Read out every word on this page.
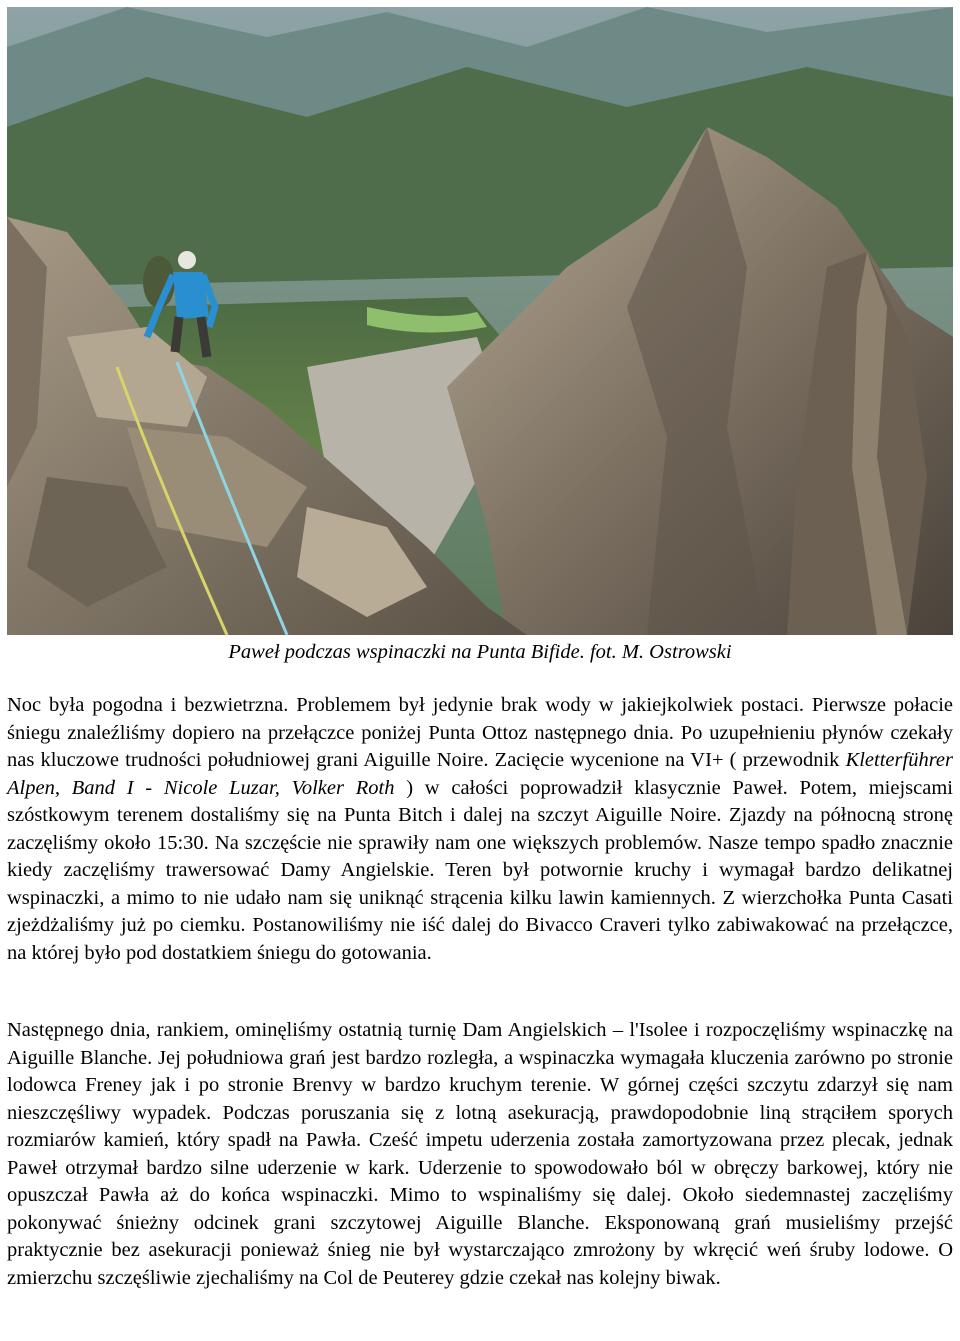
Paweł podczas wspinaczki na Punta Bifide. fot. M. Ostrowski

Noc była pogodna i bezwietrzna. Problemem był jedynie brak wody w jakiejkolwiek postaci. Pierwsze połacie śniegu znaleźliśmy dopiero na przełączce poniżej Punta Ottoz następnego dnia. Po uzupełnieniu płynów czekały nas kluczowe trudności południowej grani Aiguille Noire. Zacięcie wycenione na VI+ ( przewodnik Kletterführer Alpen, Band I - Nicole Luzar, Volker Roth ) w całości poprowadził klasycznie Paweł. Potem, miejscami szóstkowym terenem dostaliśmy się na Punta Bitch i dalej na szczyt Aiguille Noire. Zjazdy na północną stronę zaczęliśmy około 15:30. Na szczęście nie sprawiły nam one większych problemów. Nasze tempo spadło znacznie kiedy zaczęliśmy trawersować Damy Angielskie. Teren był potwornie kruchy i wymagał bardzo delikatnej wspinaczki, a mimo to nie udało nam się uniknąć strącenia kilku lawin kamiennych. Z wierzchołka Punta Casati zjeżdżaliśmy już po ciemku. Postanowiliśmy nie iść dalej do Bivacco Craveri tylko zabiwakować na przełączce, na której było pod dostatkiem śniegu do gotowania.

Następnego dnia, rankiem, ominęliśmy ostatnią turnię Dam Angielskich – l'Isolee i rozpoczęliśmy wspinaczkę na Aiguille Blanche. Jej południowa grań jest bardzo rozległa, a wspinaczka wymagała kluczenia zarówno po stronie lodowca Freney jak i po stronie Brenvy w bardzo kruchym terenie. W górnej części szczytu zdarzył się nam nieszczęśliwy wypadek. Podczas poruszania się z lotną asekuracją, prawdopodobnie liną strąciłem sporych rozmiarów kamień, który spadł na Pawła. Cześć impetu uderzenia została zamortyzowana przez plecak, jednak Paweł otrzymał bardzo silne uderzenie w kark. Uderzenie to spowodowało ból w obręczy barkowej, który nie opuszczał Pawła aż do końca wspinaczki. Mimo to wspinaliśmy się dalej. Około siedemnastej zaczęliśmy pokonywać śnieżny odcinek grani szczytowej Aiguille Blanche. Eksponowaną grań musieliśmy przejść praktycznie bez asekuracji ponieważ śnieg nie był wystarczająco zmrożony by wkręcić weń śruby lodowe. O zmierzchu szczęśliwie zjechaliśmy na Col de Peuterey gdzie czekał nas kolejny biwak.
